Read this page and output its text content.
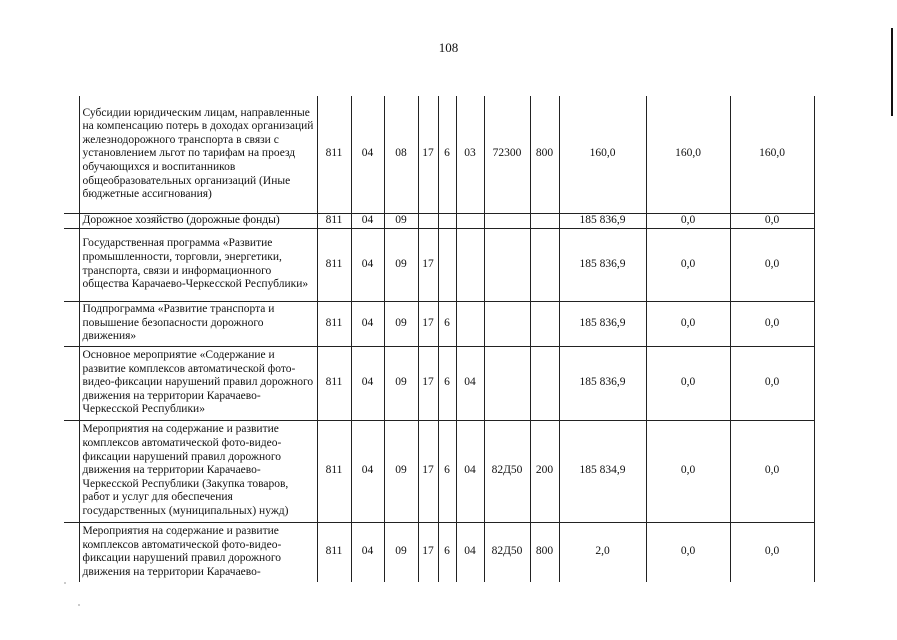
108
	Субсидии юридическим лицам, направленные на компенсацию потерь в доходах организаций железнодорожного транспорта в связи с установлением льгот по тарифам на проезд обучающихся и воспитанников общеобразовательных организаций (Иные бюджетные ассигнования)	811	04	08	17	6	03	72300	800	160,0	160,0	160,0
	Дорожное хозяйство (дорожные фонды)	811	04	09						185 836,9	0,0	0,0
	Государственная программа «Развитие промышленности, торговли, энергетики, транспорта, связи и информационного общества Карачаево-Черкесской Республики»	811	04	09	17					185 836,9	0,0	0,0
	Подпрограмма «Развитие транспорта и повышение безопасности дорожного движения»	811	04	09	17	6				185 836,9	0,0	0,0
	Основное мероприятие «Содержание и развитие комплексов автоматической фото-видео-фиксации нарушений правил дорожного движения на территории Карачаево-Черкесской Республики»	811	04	09	17	6	04			185 836,9	0,0	0,0
	Мероприятия на содержание и развитие комплексов автоматической фото-видео-фиксации нарушений правил дорожного движения на территории Карачаево-Черкесской Республики (Закупка товаров, работ и услуг для обеспечения государственных (муниципальных) нужд)	811	04	09	17	6	04	82Д50	200	185 834,9	0,0	0,0
	Мероприятия на содержание и развитие комплексов автоматической фото-видео-фиксации нарушений правил дорожного движения на территории Карачаево-	811	04	09	17	6	04	82Д50	800	2,0	0,0	0,0
